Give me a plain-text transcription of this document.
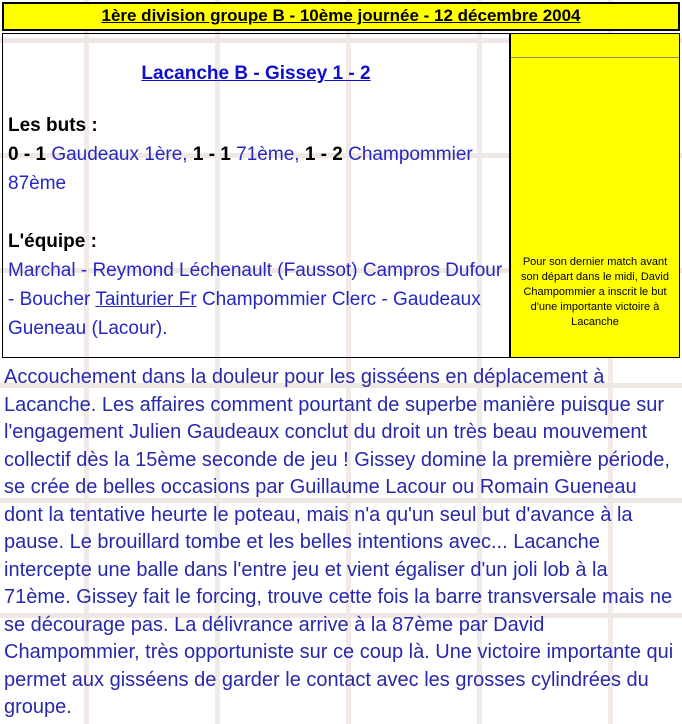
1ère division groupe B - 10ème journée - 12 décembre 2004
Lacanche B - Gissey 1 - 2
Les buts :

0 - 1 Gaudeaux 1ère, 1 - 1 71ème, 1 - 2 Champommier 87ème

L'équipe :

Marchal - Reymond Léchenault (Faussot) Campros Dufour - Boucher Tainturier Fr Champommier Clerc - Gaudeaux Gueneau (Lacour).

Pour son dernier match avant son départ dans le midi, David Champommier a inscrit le but d'une importante victoire à Lacanche

Accouchement dans la douleur pour les gisséens en déplacement à Lacanche. Les affaires comment pourtant de superbe manière puisque sur l'engagement Julien Gaudeaux conclut du droit un très beau mouvement collectif dès la 15ème seconde de jeu ! Gissey domine la première période, se crée de belles occasions par Guillaume Lacour ou Romain Gueneau dont la tentative heurte le poteau, mais n'a qu'un seul but d'avance à la pause. Le brouillard tombe et les belles intentions avec... Lacanche intercepte une balle dans l'entre jeu et vient égaliser d'un joli lob à la 71ème. Gissey fait le forcing, trouve cette fois la barre transversale mais ne se décourage pas. La délivrance arrive à la 87ème par David Champommier, très opportuniste sur ce coup là. Une victoire importante qui permet aux gisséens de garder le contact avec les grosses cylindrées du groupe.
